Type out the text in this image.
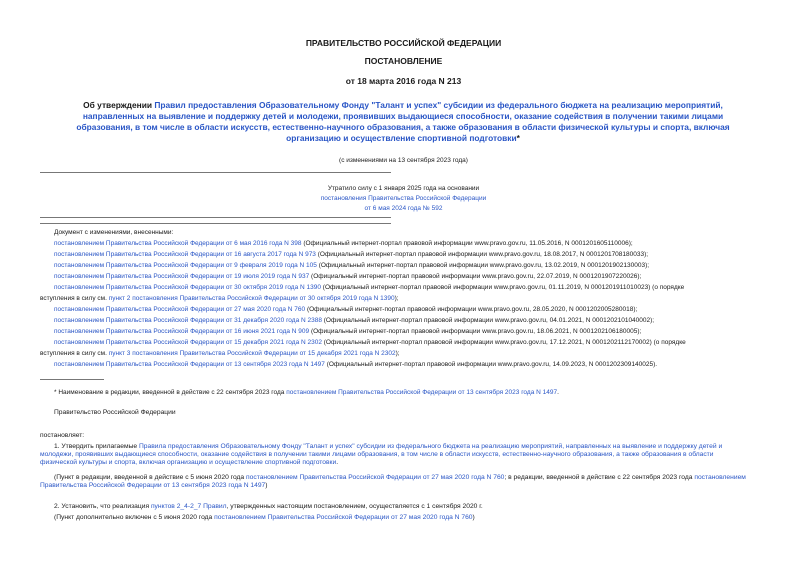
ПРАВИТЕЛЬСТВО РОССИЙСКОЙ ФЕДЕРАЦИИ
ПОСТАНОВЛЕНИЕ
от 18 марта 2016 года N 213
Об утверждении Правил предоставления Образовательному Фонду "Талант и успех" субсидии из федерального бюджета на реализацию мероприятий, направленных на выявление и поддержку детей и молодежи, проявивших выдающиеся способности, оказание содействия в получении такими лицами образования, в том числе в области искусств, естественно-научного образования, а также образования в области физической культуры и спорта, включая организацию и осуществление спортивной подготовки*
(с изменениями на 13 сентября 2023 года)
Утратило силу с 1 января 2025 года на основании
постановления Правительства Российской Федерации
от 6 мая 2024 года № 592
Документ с изменениями, внесенными:
постановлением Правительства Российской Федерации от 6 мая 2016 года N 398 (Официальный интернет-портал правовой информации www.pravo.gov.ru, 11.05.2016, N 0001201605110006);
постановлением Правительства Российской Федерации от 16 августа 2017 года N 973 (Официальный интернет-портал правовой информации www.pravo.gov.ru, 18.08.2017, N 0001201708180033);
постановлением Правительства Российской Федерации от 9 февраля 2019 года N 105 (Официальный интернет-портал правовой информации www.pravo.gov.ru, 13.02.2019, N 0001201902130003);
постановлением Правительства Российской Федерации от 19 июля 2019 года N 937 (Официальный интернет-портал правовой информации www.pravo.gov.ru, 22.07.2019, N 0001201907220026);
постановлением Правительства Российской Федерации от 30 октября 2019 года N 1390 (Официальный интернет-портал правовой информации www.pravo.gov.ru, 01.11.2019, N 0001201911010023) (о порядке
вступления в силу см. пункт 2 постановления Правительства Российской Федерации от 30 октября 2019 года N 1390);
постановлением Правительства Российской Федерации от 27 мая 2020 года N 760 (Официальный интернет-портал правовой информации www.pravo.gov.ru, 28.05.2020, N 0001202005280018);
постановлением Правительства Российской Федерации от 31 декабря 2020 года N 2388 (Официальный интернет-портал правовой информации www.pravo.gov.ru, 04.01.2021, N 0001202101040002);
постановлением Правительства Российской Федерации от 16 июня 2021 года N 909 (Официальный интернет-портал правовой информации www.pravo.gov.ru, 18.06.2021, N 0001202106180005);
постановлением Правительства Российской Федерации от 15 декабря 2021 года N 2302 (Официальный интернет-портал правовой информации www.pravo.gov.ru, 17.12.2021, N 0001202112170002) (о порядке
вступления в силу см. пункт 3 постановления Правительства Российской Федерации от 15 декабря 2021 года N 2302);
постановлением Правительства Российской Федерации от 13 сентября 2023 года N 1497 (Официальный интернет-портал правовой информации www.pravo.gov.ru, 14.09.2023, N 0001202309140025).
* Наименование в редакции, введенной в действие с 22 сентября 2023 года постановлением Правительства Российской Федерации от 13 сентября 2023 года N 1497.
Правительство Российской Федерации
постановляет:
1. Утвердить прилагаемые Правила предоставления Образовательному Фонду "Талант и успех" субсидии из федерального бюджета на реализацию мероприятий, направленных на выявление и поддержку детей и молодежи, проявивших выдающиеся способности, оказание содействия в получении такими лицами образования, в том числе в области искусств, естественно-научного образования, а также образования в области физической культуры и спорта, включая организацию и осуществление спортивной подготовки.
(Пункт в редакции, введенной в действие с 5 июня 2020 года постановлением Правительства Российской Федерации от 27 мая 2020 года N 760; в редакции, введенной в действие с 22 сентября 2023 года постановлением Правительства Российской Федерации от 13 сентября 2023 года N 1497)
2. Установить, что реализация пунктов 2_4-2_7 Правил, утвержденных настоящим постановлением, осуществляется с 1 сентября 2020 г.
(Пункт дополнительно включен с 5 июня 2020 года постановлением Правительства Российской Федерации от 27 мая 2020 года N 760)
